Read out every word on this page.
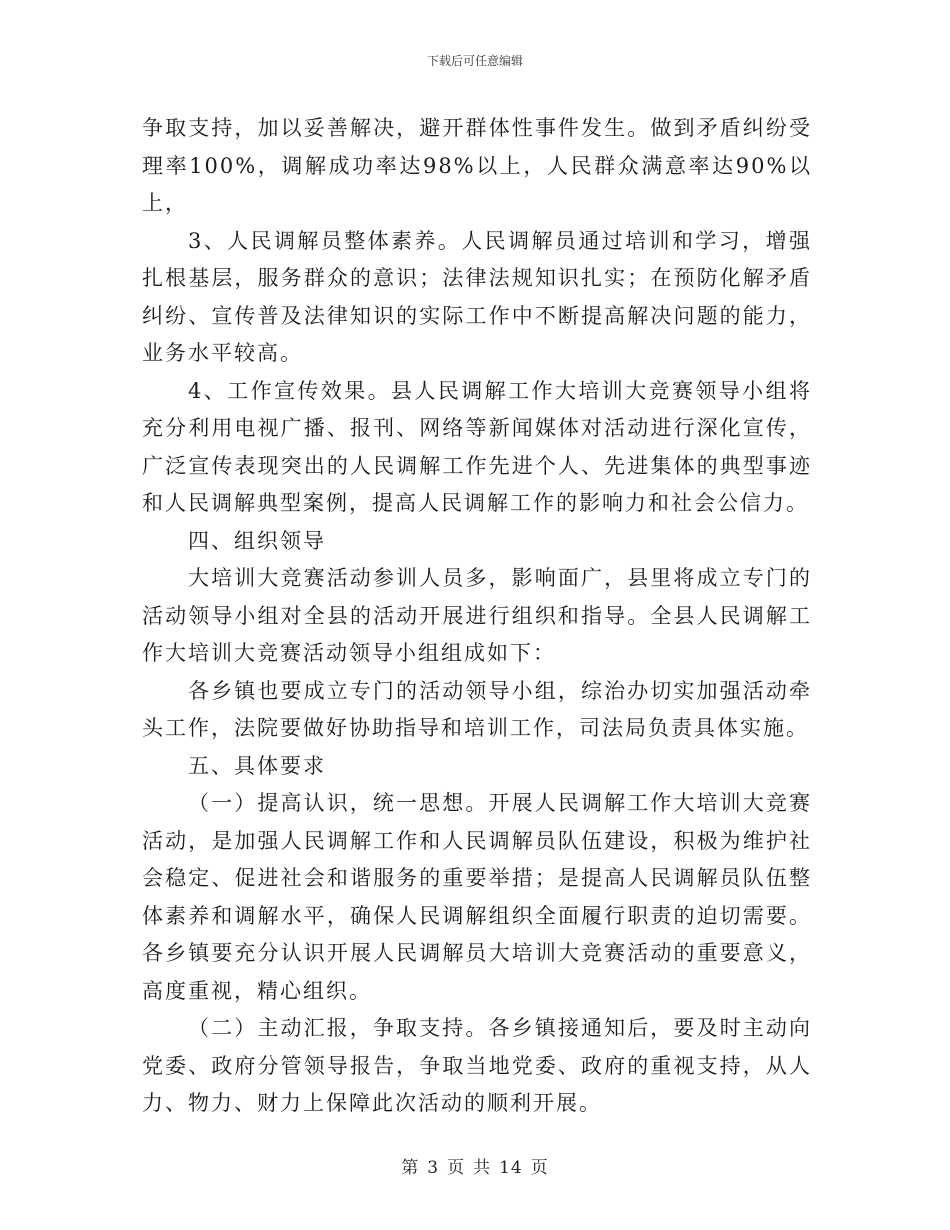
下载后可任意编辑

争取支持，加以妥善解决，避开群体性事件发生。做到矛盾纠纷受理率100%，调解成功率达98%以上，人民群众满意率达90%以上，

3、人民调解员整体素养。人民调解员通过培训和学习，增强扎根基层，服务群众的意识；法律法规知识扎实；在预防化解矛盾纠纷、宣传普及法律知识的实际工作中不断提高解决问题的能力，业务水平较高。

4、工作宣传效果。县人民调解工作大培训大竞赛领导小组将充分利用电视广播、报刊、网络等新闻媒体对活动进行深化宣传，广泛宣传表现突出的人民调解工作先进个人、先进集体的典型事迹和人民调解典型案例，提高人民调解工作的影响力和社会公信力。

四、组织领导

大培训大竞赛活动参训人员多，影响面广，县里将成立专门的活动领导小组对全县的活动开展进行组织和指导。全县人民调解工作大培训大竞赛活动领导小组组成如下：

各乡镇也要成立专门的活动领导小组，综治办切实加强活动牵头工作，法院要做好协助指导和培训工作，司法局负责具体实施。

五、具体要求

（一）提高认识，统一思想。开展人民调解工作大培训大竞赛活动，是加强人民调解工作和人民调解员队伍建设，积极为维护社会稳定、促进社会和谐服务的重要举措；是提高人民调解员队伍整体素养和调解水平，确保人民调解组织全面履行职责的迫切需要。各乡镇要充分认识开展人民调解员大培训大竞赛活动的重要意义，高度重视，精心组织。

（二）主动汇报，争取支持。各乡镇接通知后，要及时主动向党委、政府分管领导报告，争取当地党委、政府的重视支持，从人力、物力、财力上保障此次活动的顺利开展。

第 3 页 共 14 页
